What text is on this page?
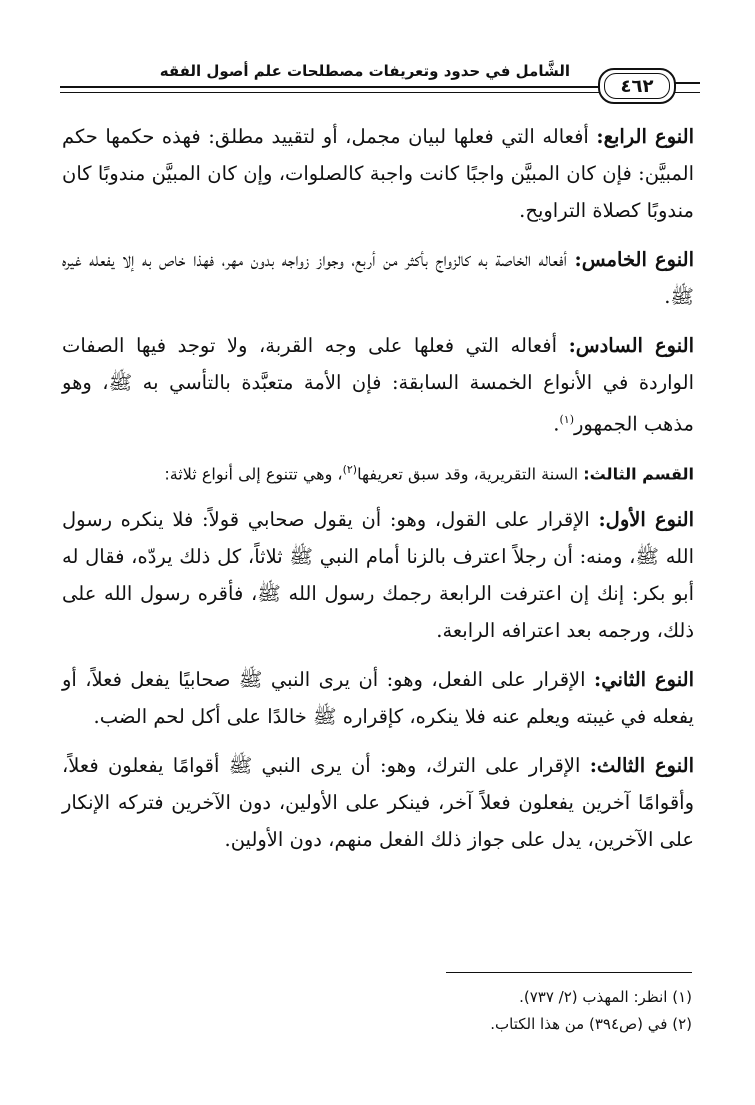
الشَّامل في حدود وتعريفات مصطلحات علم أصول الفقه
٤٦٢

النوع الرابع: أفعاله التي فعلها لبيان مجمل، أو لتقييد مطلق: فهذه حكمها حكم المبيَّن: فإن كان المبيَّن واجبًا كانت واجبة كالصلوات، وإن كان المبيَّن مندوبًا كان مندوبًا كصلاة التراويح.

النوع الخامس: أفعاله الخاصة به كالزواج بأكثر من أربع، وجواز زواجه بدون مهر، فهذا خاص به إلا يفعله غيره ﷺ.

النوع السادس: أفعاله التي فعلها على وجه القربة، ولا توجد فيها الصفات الواردة في الأنواع الخمسة السابقة: فإن الأمة متعبَّدة بالتأسي به ﷺ، وهو مذهب الجمهور$^{(١)}$.

القسم الثالث: السنة التقريرية، وقد سبق تعريفها$^{(٢)}$، وهي تتنوع إلى أنواع ثلاثة:

النوع الأول: الإقرار على القول، وهو: أن يقول صحابي قولاً: فلا ينكره رسول الله ﷺ، ومنه: أن رجلاً اعترف بالزنا أمام النبي ﷺ ثلاثاً، كل ذلك يردّه، فقال له أبو بكر: إنك إن اعترفت الرابعة رجمك رسول الله ﷺ، فأقره رسول الله على ذلك، ورجمه بعد اعترافه الرابعة.

النوع الثاني: الإقرار على الفعل، وهو: أن يرى النبي ﷺ صحابيًا يفعل فعلاً، أو يفعله في غيبته ويعلم عنه فلا ينكره، كإقراره ﷺ خالدًا على أكل لحم الضب.

النوع الثالث: الإقرار على الترك، وهو: أن يرى النبي ﷺ أقوامًا يفعلون فعلاً، وأقوامًا آخرين يفعلون فعلاً آخر، فينكر على الأولين، دون الآخرين فتركه الإنكار على الآخرين، يدل على جواز ذلك الفعل منهم، دون الأولين.

(١) انظر: المهذب (٢/ ٧٣٧).

(٢) في (ص٣٩٤) من هذا الكتاب.
